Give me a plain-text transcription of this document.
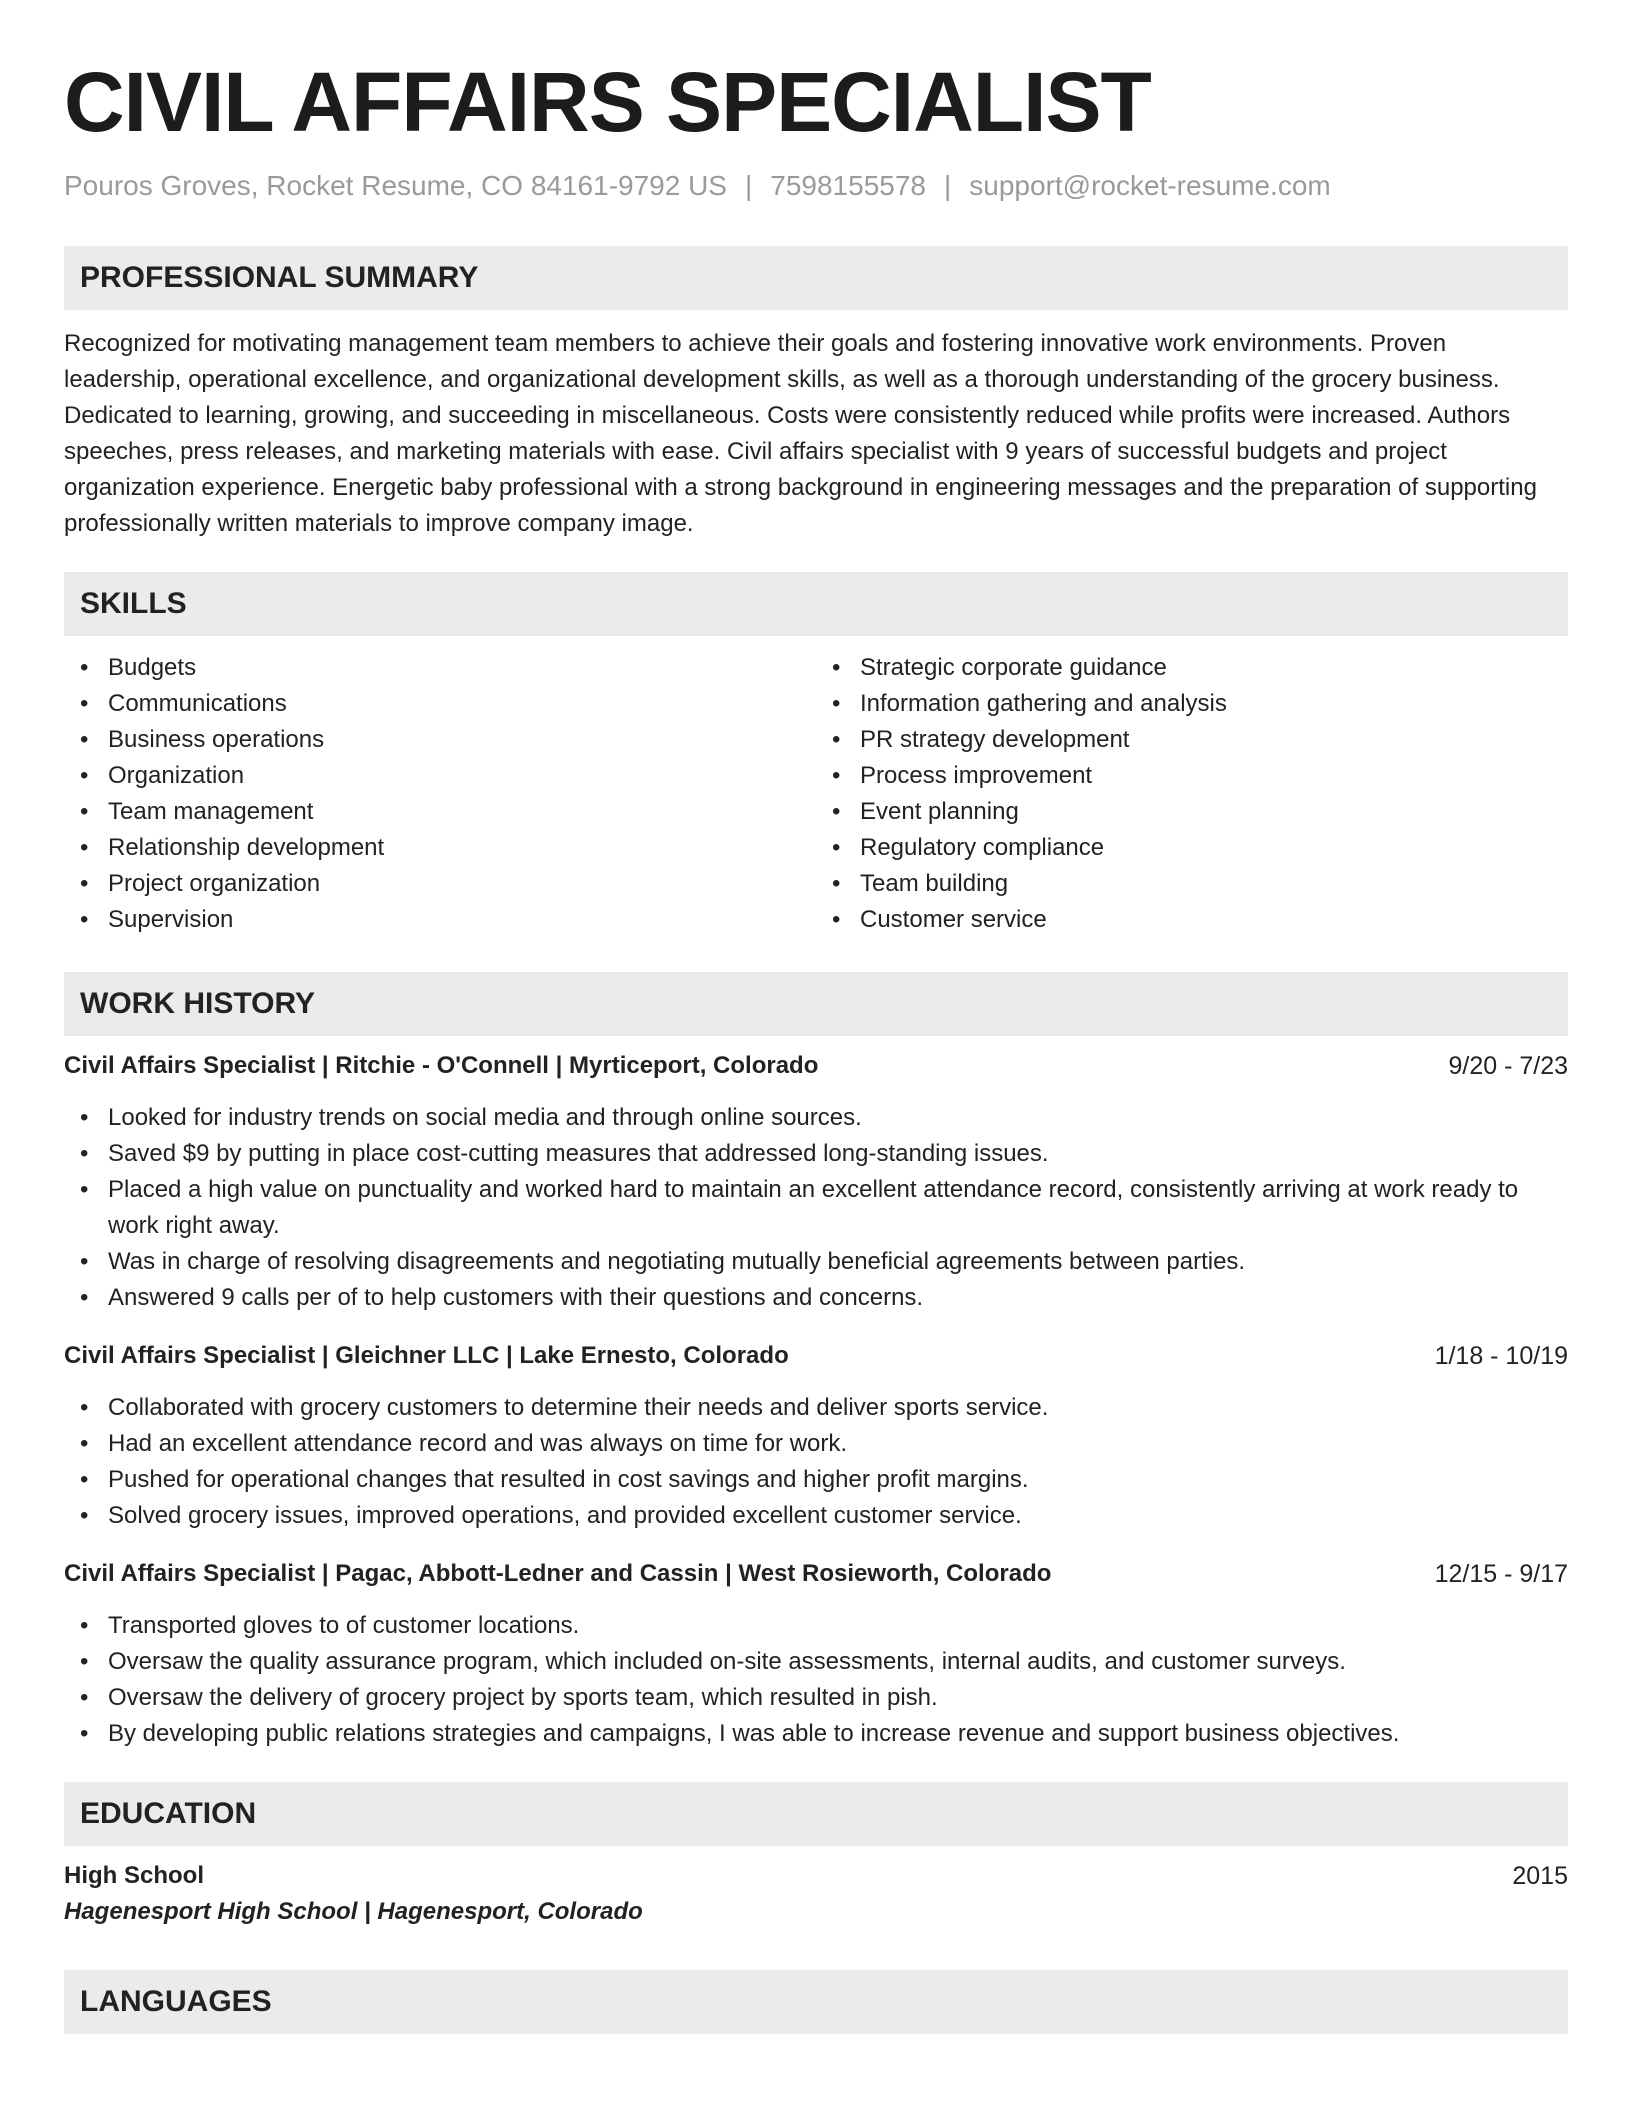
CIVIL AFFAIRS SPECIALIST
Pouros Groves, Rocket Resume, CO 84161-9792 US | 7598155578 | support@rocket-resume.com
PROFESSIONAL SUMMARY

Recognized for motivating management team members to achieve their goals and fostering innovative work environments. Proven leadership, operational excellence, and organizational development skills, as well as a thorough understanding of the grocery business. Dedicated to learning, growing, and succeeding in miscellaneous. Costs were consistently reduced while profits were increased. Authors speeches, press releases, and marketing materials with ease. Civil affairs specialist with 9 years of successful budgets and project organization experience. Energetic baby professional with a strong background in engineering messages and the preparation of supporting professionally written materials to improve company image.

SKILLS
• Budgets
• Communications
• Business operations
• Organization
• Team management
• Relationship development
• Project organization
• Supervision
• Strategic corporate guidance
• Information gathering and analysis
• PR strategy development
• Process improvement
• Event planning
• Regulatory compliance
• Team building
• Customer service
WORK HISTORY
Civil Affairs Specialist | Ritchie - O'Connell | Myrticeport, Colorado	9/20 - 7/23
• Looked for industry trends on social media and through online sources.
• Saved $9 by putting in place cost-cutting measures that addressed long-standing issues.
• Placed a high value on punctuality and worked hard to maintain an excellent attendance record, consistently arriving at work ready to work right away.
• Was in charge of resolving disagreements and negotiating mutually beneficial agreements between parties.
• Answered 9 calls per of to help customers with their questions and concerns.
Civil Affairs Specialist | Gleichner LLC | Lake Ernesto, Colorado	1/18 - 10/19
• Collaborated with grocery customers to determine their needs and deliver sports service.
• Had an excellent attendance record and was always on time for work.
• Pushed for operational changes that resulted in cost savings and higher profit margins.
• Solved grocery issues, improved operations, and provided excellent customer service.
Civil Affairs Specialist | Pagac, Abbott-Ledner and Cassin | West Rosieworth, Colorado	12/15 - 9/17
• Transported gloves to of customer locations.
• Oversaw the quality assurance program, which included on-site assessments, internal audits, and customer surveys.
• Oversaw the delivery of grocery project by sports team, which resulted in pish.
• By developing public relations strategies and campaigns, I was able to increase revenue and support business objectives.
EDUCATION
High School	2015
Hagenesport High School | Hagenesport, Colorado
LANGUAGES
